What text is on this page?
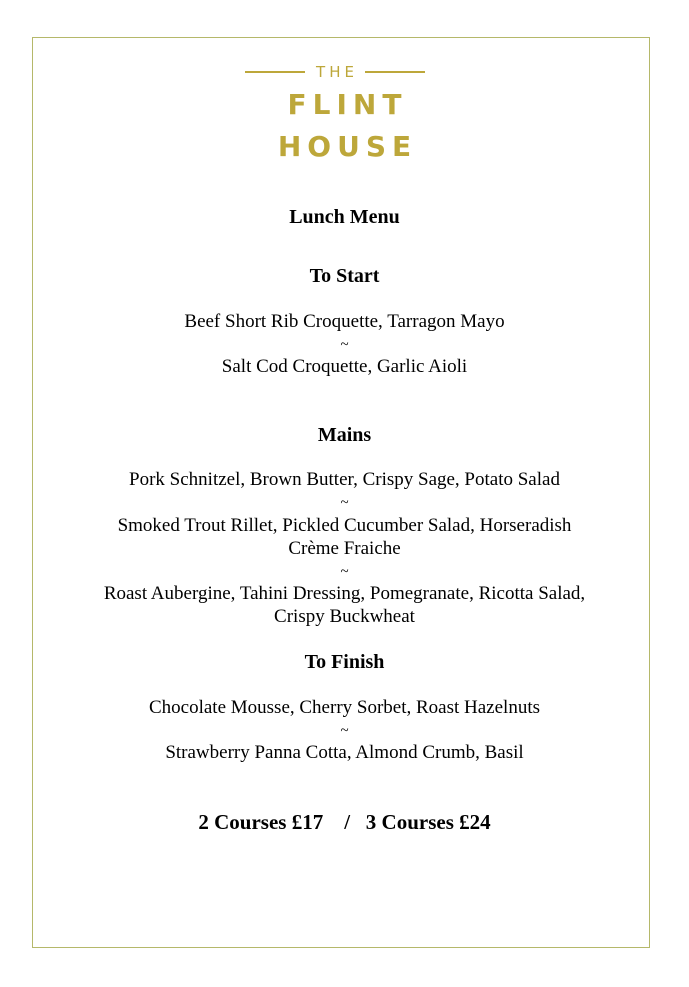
THE
FLINT
HOUSE
Lunch Menu
To Start
Beef Short Rib Croquette, Tarragon Mayo
~
Salt Cod Croquette, Garlic Aioli
Mains
Pork Schnitzel, Brown Butter, Crispy Sage, Potato Salad
~
Smoked Trout Rillet, Pickled Cucumber Salad, Horseradish
Crème Fraiche
~
Roast Aubergine, Tahini Dressing, Pomegranate, Ricotta Salad,
Crispy Buckwheat
To Finish
Chocolate Mousse, Cherry Sorbet, Roast Hazelnuts
~
Strawberry Panna Cotta, Almond Crumb, Basil
2 Courses £17 / 3 Courses £24
